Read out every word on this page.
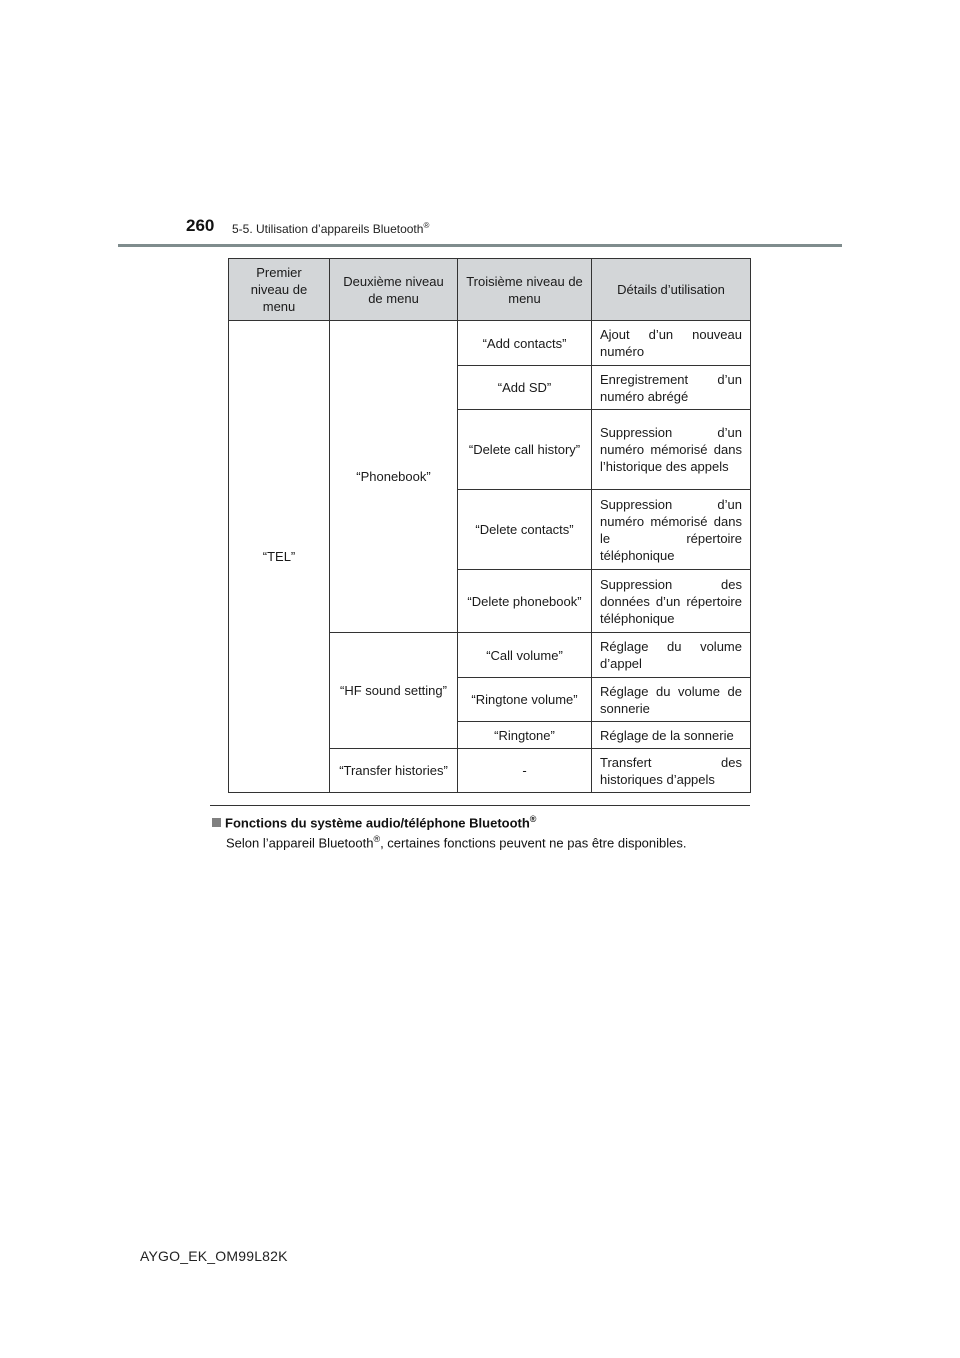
260 5-5. Utilisation d’appareils Bluetooth®
Premier niveau de menu	Deuxième niveau de menu	Troisième niveau de menu	Détails d’utilisation
“TEL”	“Phonebook”	“Add contacts”	Ajout d’un nouveau numéro
		“Add SD”	Enregistrement d’un numéro abrégé
		“Delete call history”	Suppression d’un numéro mémorisé dans l’historique des appels
		“Delete contacts”	Suppression d’un numéro mémorisé dans le répertoire téléphonique
		“Delete phonebook”	Suppression des données d’un répertoire téléphonique
	“HF sound setting”	“Call volume”	Réglage du volume d’appel
		“Ringtone volume”	Réglage du volume de sonnerie
		“Ringtone”	Réglage de la sonnerie
	“Transfer histories”	-	Transfert des historiques d’appels
Fonctions du système audio/téléphone Bluetooth®
Selon l’appareil Bluetooth®, certaines fonctions peuvent ne pas être disponibles.
AYGO_EK_OM99L82K
